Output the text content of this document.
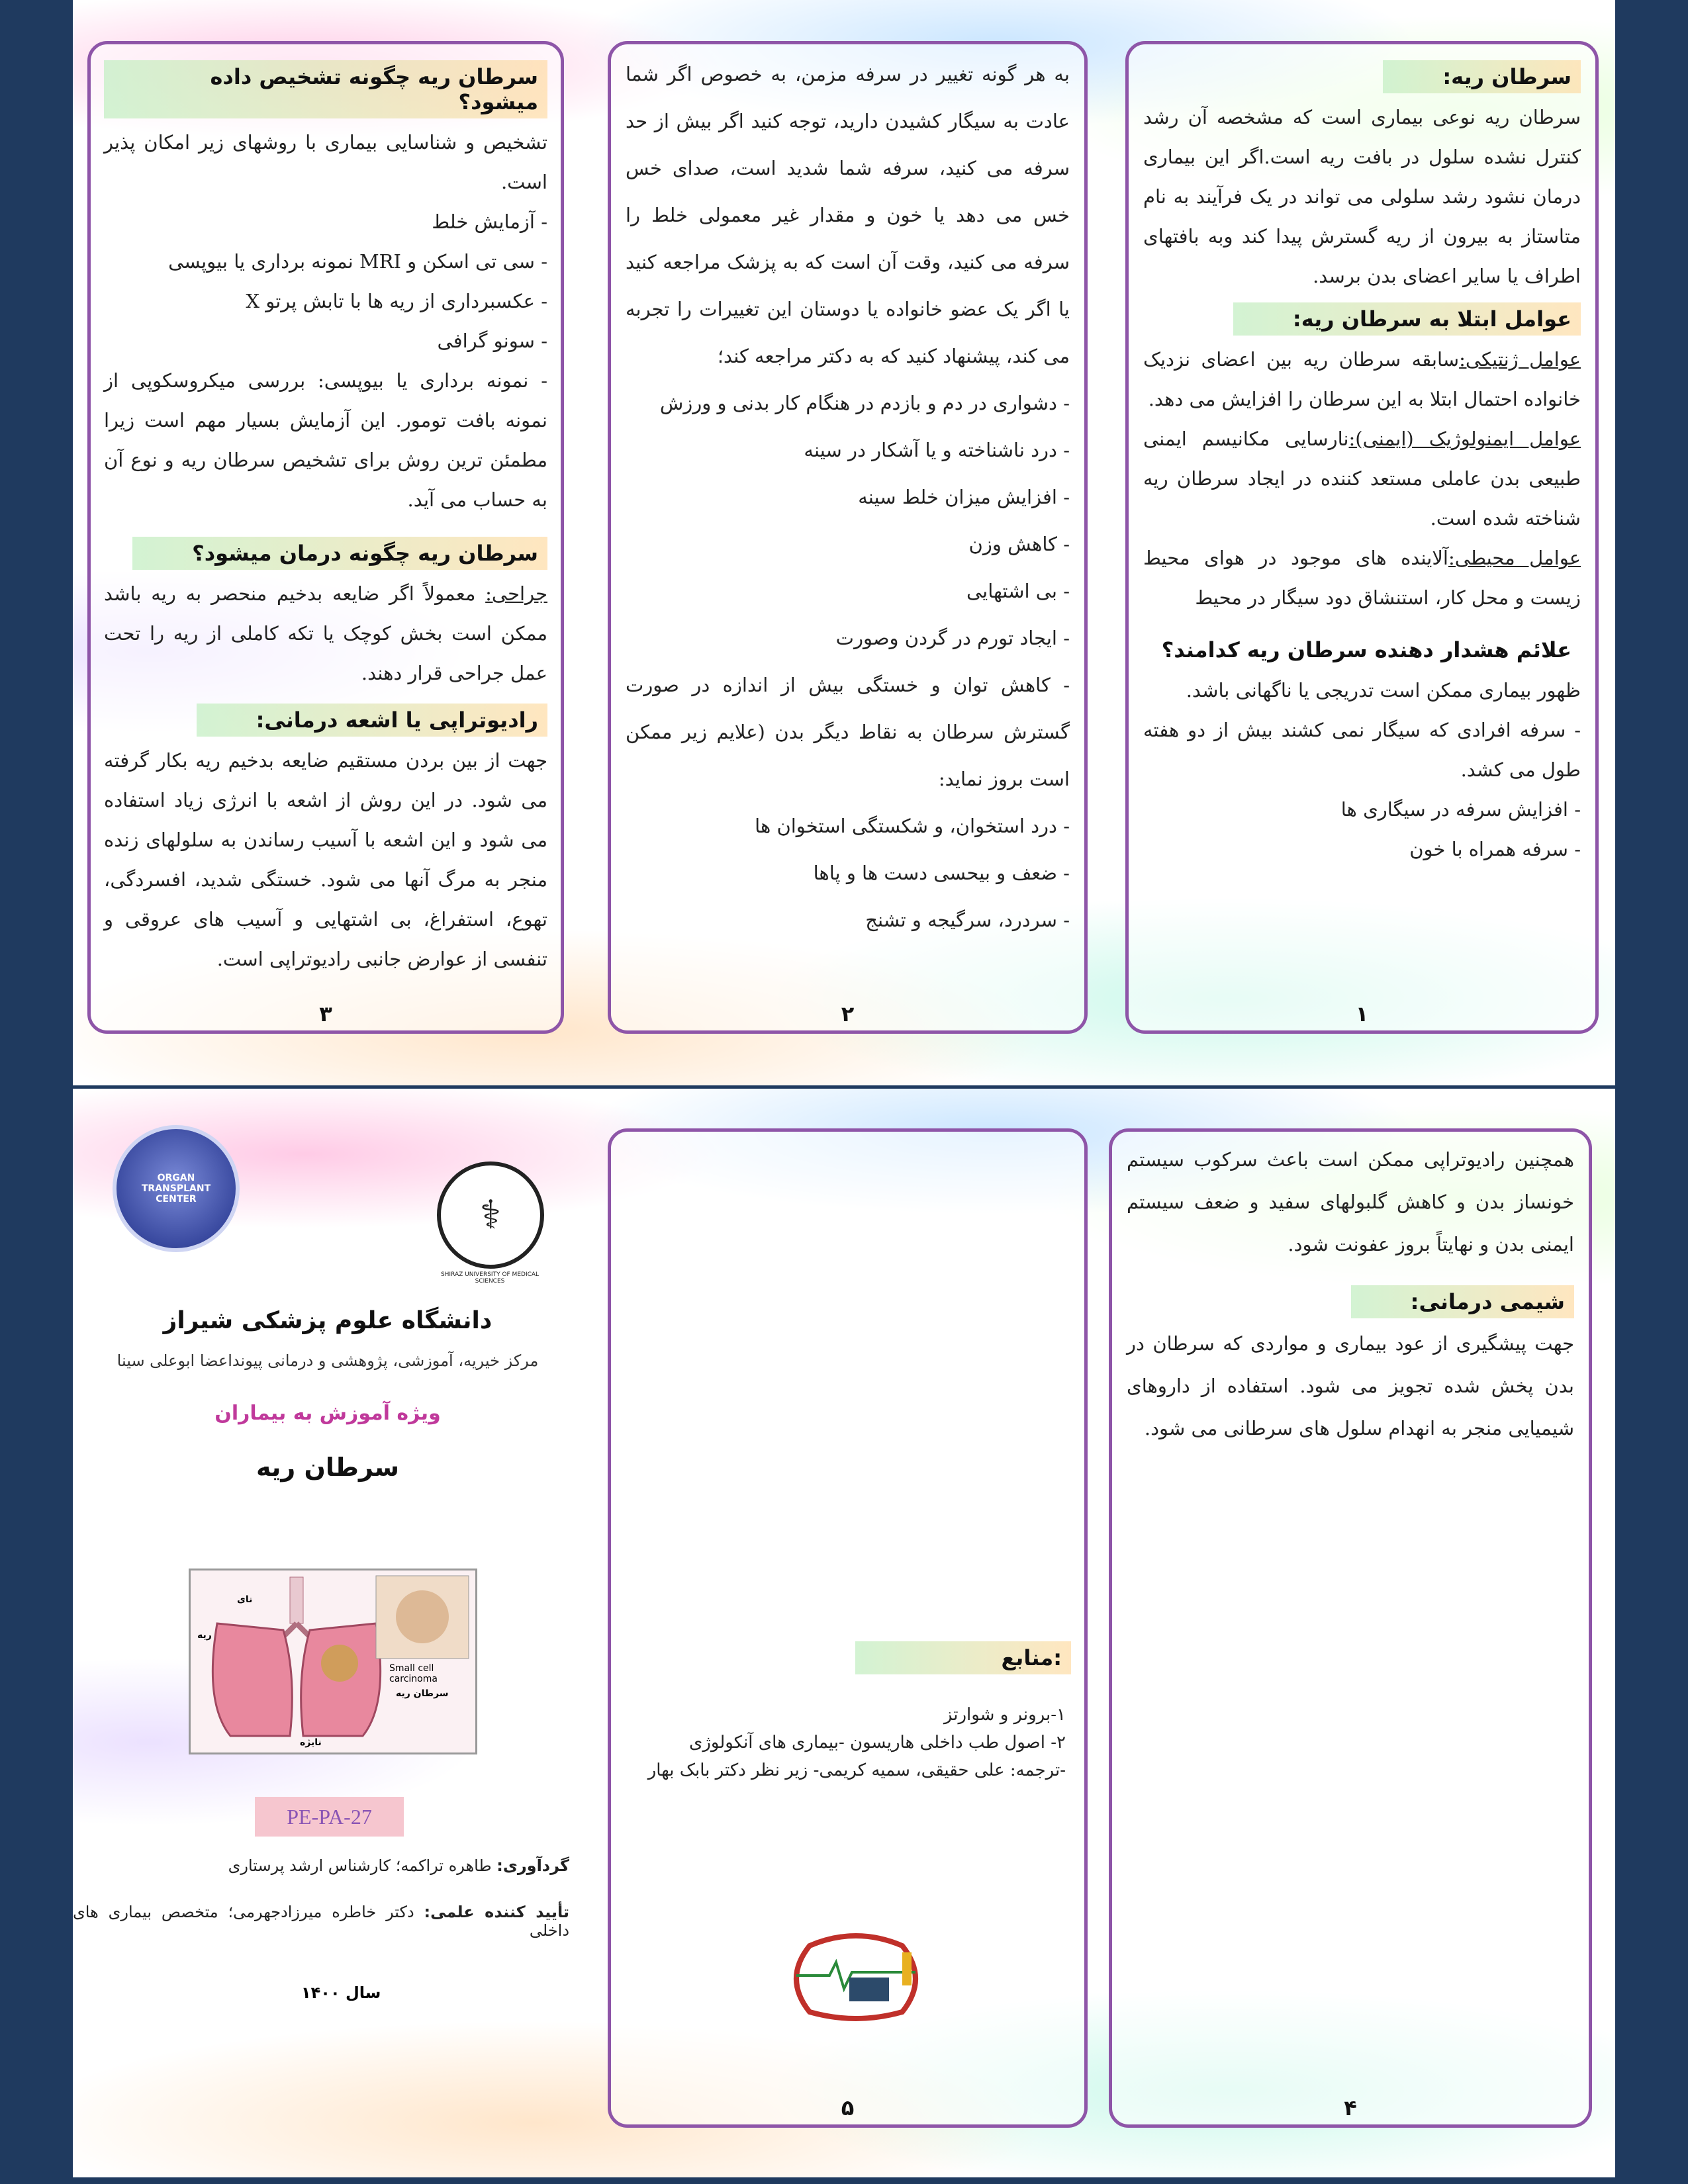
سرطان ریه چگونه تشخیص داده میشود؟

تشخیص و شناسایی بیماری با روشهای زیر امکان پذیر است.

- آزمایش خلط

- سی تی اسکن و MRI نمونه برداری یا بیوپسی

- عکسبرداری از ریه ها با تابش پرتو X

- سونو گرافی

- نمونه برداری یا بیوپسی: بررسی میکروسکوپی از نمونه بافت تومور. این آزمایش بسیار مهم است زیرا مطمئن ترین روش برای تشخیص سرطان ریه و نوع آن به حساب می آید.

سرطان ریه چگونه درمان میشود؟

جراحی: معمولاً اگر ضایعه بدخیم منحصر به ریه باشد ممکن است بخش کوچک یا تکه کاملی از ریه را تحت عمل جراحی قرار دهند.

رادیوتراپی یا اشعه درمانی:

جهت از بین بردن مستقیم ضایعه بدخیم ریه بکار گرفته می شود. در این روش از اشعه با انرژی زیاد استفاده می شود و این اشعه با آسیب رساندن به سلولهای زنده منجر به مرگ آنها می شود. خستگی شدید، افسردگی، تهوع، استفراغ، بی اشتهایی و آسیب های عروقی و تنفسی از عوارض جانبی رادیوتراپی است.

۳

به هر گونه تغییر در سرفه مزمن، به خصوص اگر شما عادت به سیگار کشیدن دارید، توجه کنید اگر بیش از حد سرفه می کنید، سرفه شما شدید است، صدای خس خس می دهد یا خون و مقدار غیر معمولی خلط را سرفه می کنید، وقت آن است که به پزشک مراجعه کنید یا اگر یک عضو خانواده یا دوستان این تغییرات را تجربه می کند، پیشنهاد کنید که به دکتر مراجعه کند؛

- دشواری در دم و بازدم در هنگام کار بدنی و ورزش

- درد ناشناخته و یا آشکار در سینه

- افزایش میزان خلط سینه

- کاهش وزن

- بی اشتهایی

- ایجاد تورم در گردن وصورت

- کاهش توان و خستگی بیش از اندازه در صورت گسترش سرطان به نقاط دیگر بدن (علایم زیر ممکن است بروز نماید:

- درد استخوان، و شکستگی استخوان ها

- ضعف و بیحسی دست ها و پاها

- سردرد، سرگیجه و تشنج

۲
سرطان ریه:

سرطان ریه نوعی بیماری است که مشخصه آن رشد کنترل نشده سلول در بافت ریه است.اگر این بیماری درمان نشود رشد سلولی می تواند در یک فرآیند به نام متاستاز به بیرون از ریه گسترش پیدا کند وبه بافتهای اطراف یا سایر اعضای بدن برسد.

عوامل ابتلا به سرطان ریه:

عوامل ژنتیکی:سابقه سرطان ریه بین اعضای نزدیک خانواده احتمال ابتلا به این سرطان را افزایش می دهد.

عوامل ایمنولوژیک (ایمنی):نارسایی مکانیسم ایمنی طبیعی بدن عاملی مستعد کننده در ایجاد سرطان ریه شناخته شده است.

عوامل محیطی:آلاینده های موجود در هوای محیط زیست و محل کار، استنشاق دود سیگار در محیط

علائم هشدار دهنده سرطان ریه کدامند؟

ظهور بیماری ممکن است تدریجی یا ناگهانی باشد.

- سرفه افرادی که سیگار نمی کشند بیش از دو هفته طول می کشد.

- افزایش سرفه در سیگاری ها

- سرفه همراه با خون

۱
ORGAN TRANSPLANT CENTER	⚕
SHIRAZ UNIVERSITY OF MEDICAL SCIENCES
دانشگاه علوم پزشکی شیراز
مرکز خیریه، آموزشی، پژوهشی و درمانی پیونداعضا ابوعلی سینا
ویژه آموزش به بیماران
سرطان ریه
نای
ریه
Small cell carcinoma
سرطان ریه
نایژه
PE-PA-27
گردآوری: طاهره تراکمه؛ کارشناس ارشد پرستاری
تأیید کننده علمی: دکتر خاطره میرزادجهرمی؛ متخصص بیماری های داخلی
سال ۱۴۰۰
منابع:
۱-برونر و شوارتز
۲- اصول طب داخلی هاریسون -بیماری های آنکولوژی
-ترجمه: علی حقیقی، سمیه کریمی- زیر نظر دکتر بابک بهار
۵

همچنین رادیوتراپی ممکن است باعث سرکوب سیستم خونساز بدن و کاهش گلبولهای سفید و ضعف سیستم ایمنی بدن و نهایتاً بروز عفونت شود.

شیمی درمانی:

جهت پیشگیری از عود بیماری و مواردی که سرطان در بدن پخش شده تجویز می شود. استفاده از داروهای شیمیایی منجر به انهدام سلول های سرطانی می شود.

۴
